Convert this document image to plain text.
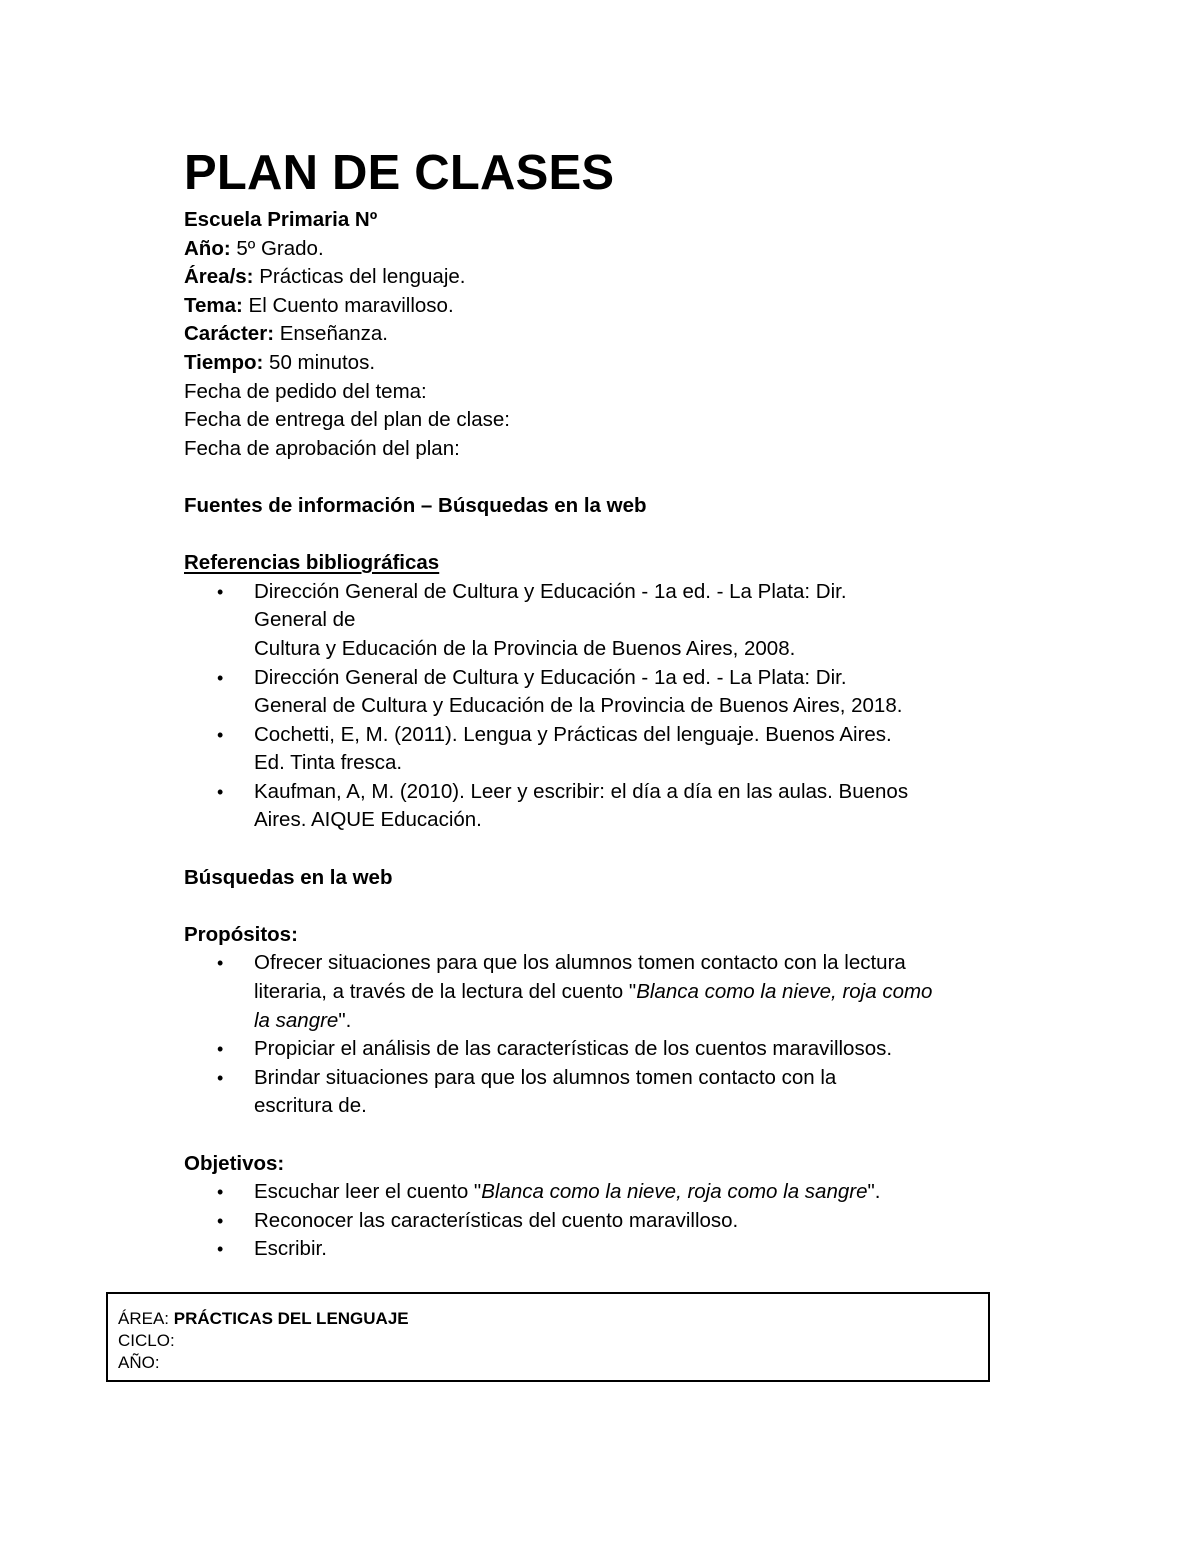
PLAN DE CLASES
Escuela Primaria Nº
Año: 5º Grado.
Área/s: Prácticas del lenguaje.
Tema: El Cuento maravilloso.
Carácter: Enseñanza.
Tiempo: 50 minutos.
Fecha de pedido del tema:
Fecha de entrega del plan de clase:
Fecha de aprobación del plan:
Fuentes de información – Búsquedas en la web
Referencias bibliográficas
• Dirección General de Cultura y Educación - 1a ed. - La Plata: Dir.
General de
Cultura y Educación de la Provincia de Buenos Aires, 2008.
• Dirección General de Cultura y Educación - 1a ed. - La Plata: Dir.
General de Cultura y Educación de la Provincia de Buenos Aires, 2018.
• Cochetti, E, M. (2011). Lengua y Prácticas del lenguaje. Buenos Aires.
Ed. Tinta fresca.
• Kaufman, A, M. (2010). Leer y escribir: el día a día en las aulas. Buenos
Aires. AIQUE Educación.
Búsquedas en la web
Propósitos:
• Ofrecer situaciones para que los alumnos tomen contacto con la lectura
literaria, a través de la lectura del cuento "Blanca como la nieve, roja como
la sangre".
• Propiciar el análisis de las características de los cuentos maravillosos.
• Brindar situaciones para que los alumnos tomen contacto con la
escritura de.
Objetivos:
• Escuchar leer el cuento "Blanca como la nieve, roja como la sangre".
• Reconocer las características del cuento maravilloso.
• Escribir.
ÁREA: PRÁCTICAS DEL LENGUAJE
CICLO:
AÑO:
